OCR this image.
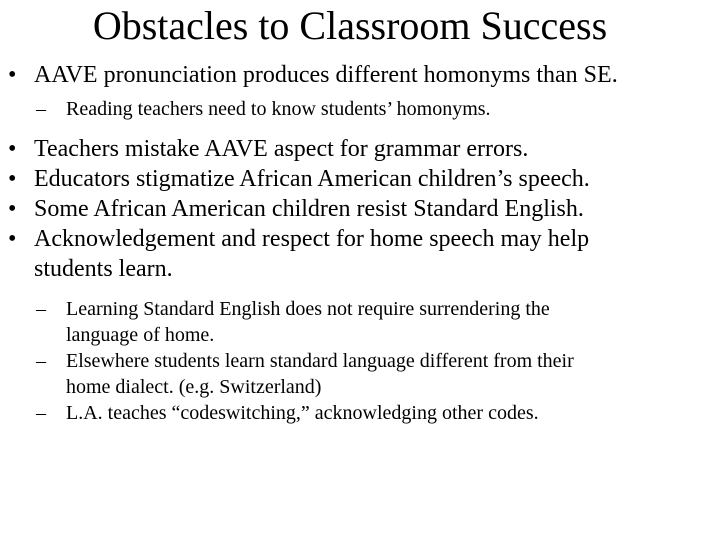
Obstacles to Classroom Success
• AAVE pronunciation produces different homonyms than SE.
– Reading teachers need to know students’ homonyms.
• Teachers mistake AAVE aspect for grammar errors.
• Educators stigmatize African American children’s speech.
• Some African American children resist Standard English.
• Acknowledgement and respect for home speech may help
students learn.
– Learning Standard English does not require surrendering the
language of home.
– Elsewhere students learn standard language different from their
home dialect. (e.g. Switzerland)
– L.A. teaches “codeswitching,” acknowledging other codes.
